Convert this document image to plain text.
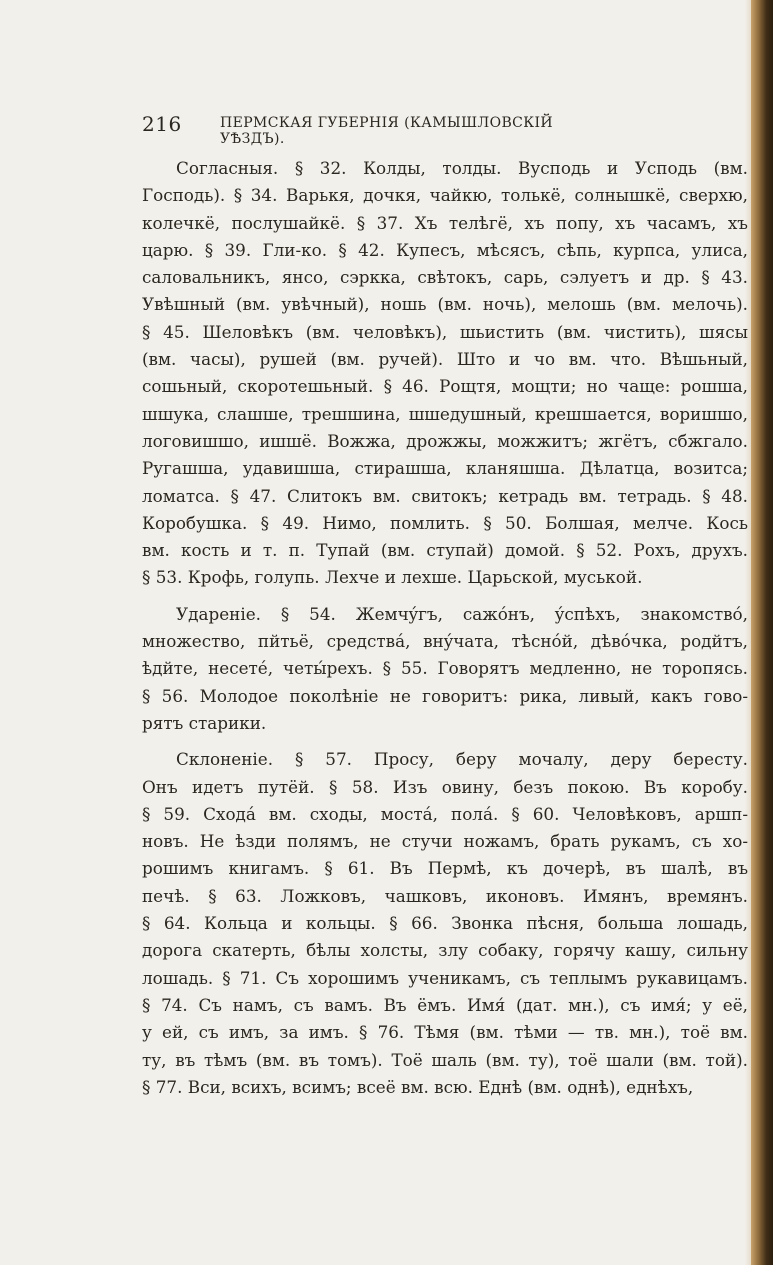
216	ПЕРМСКАЯ ГУБЕРНІЯ (КАМЫШЛОВСКІЙ УѢЗДЪ).
Согласныя. § 32. Колды, толды. Вусподь и Успoдь (вм.
Господь). § 34. Варькя, дочкя, чайкю, толькё, солнышкё, сверхю,
колечкё, послушайкё. § 37. Хъ телѣгё, хъ попу, хъ часамъ, хъ
царю. § 39. Гли-ко. § 42. Купесъ, мѣсясъ, сѣпь, курпса, улиса,
саловальникъ, янсо, сэркка, свѣтокъ, сарь, сэлуетъ и др. § 43.
Увѣшный (вм. увѣчный), ношь (вм. ночь), мелошь (вм. мелочь).
§ 45. Шеловѣкъ (вм. человѣкъ), шьистить (вм. чистить), шясы
(вм. часы), рушей (вм. ручей). Што и чо вм. что. Вѣшьный,
сошьный, скоротешьный. § 46. Рощтя, мощти; но чаще: рошша,
шшука, слашше, трешшина, шшедушный, крешшается, воришшо,
логовишшо, ишшё. Вожжа, дрожжы, можжитъ; жгётъ, сбжгало.
Ругашша, удавишша, стирашша, кланяшша. Дѣлатца, возитса;
ломатса. § 47. Слитокъ вм. свитокъ; кетрадь вм. тетрадь. § 48.
Коробушка. § 49. Нимо, помлить. § 50. Болшая, мелче. Кось
вм. кость и т. п. Тупай (вм. ступай) домой. § 52. Рохъ, друхъ.
§ 53. Крофь, голупь. Лехче и лехше. Царьской, муськой.
Удареніе. § 54. Жемчýгъ, сажóнъ, ýспѣхъ, знакомствó,
множество, пйтьё, средствá, внýчата, тѣснóй, дѣвóчка, родйтъ,
ѣдйте, несетé, четы́рехъ. § 55. Говорятъ медленно, не торопясь.
§ 56. Молодое поколѣніе не говоритъ: рика, ливый, какъ гово-
рятъ старики.
Склоненіе. § 57. Просу, беру мочалу, деру бересту.
Онъ идетъ путёй. § 58. Изъ овину, безъ покою. Въ коробу.
§ 59. Сходá вм. сходы, мостá, полá. § 60. Человѣковъ, аршп-
новъ. Не ѣзди полямъ, не стучи ножамъ, брать рукамъ, съ хо-
рошимъ книгамъ. § 61. Въ Пермѣ, къ дочерѣ, въ шалѣ, въ
печѣ. § 63. Ложковъ, чашковъ, иконовъ. Имянъ, времянъ.
§ 64. Кольца и кольцы. § 66. Звонка пѣсня, больша лошадь,
дорога скатерть, бѣлы холсты, злу собаку, горячу кашу, сильну
лошадь. § 71. Съ хорошимъ ученикамъ, съ теплымъ рукавицамъ.
§ 74. Съ намъ, съ вамъ. Въ ёмъ. Имя́ (дат. мн.), съ имя́; у её,
у ей, съ имъ, за имъ. § 76. Тѣмя (вм. тѣми — тв. мн.), тоё вм.
ту, въ тѣмъ (вм. въ томъ). Тоё шаль (вм. ту), тоё шали (вм. той).
§ 77. Вси, всихъ, всимъ; всеё вм. всю. Еднѣ (вм. однѣ), еднѣхъ,
